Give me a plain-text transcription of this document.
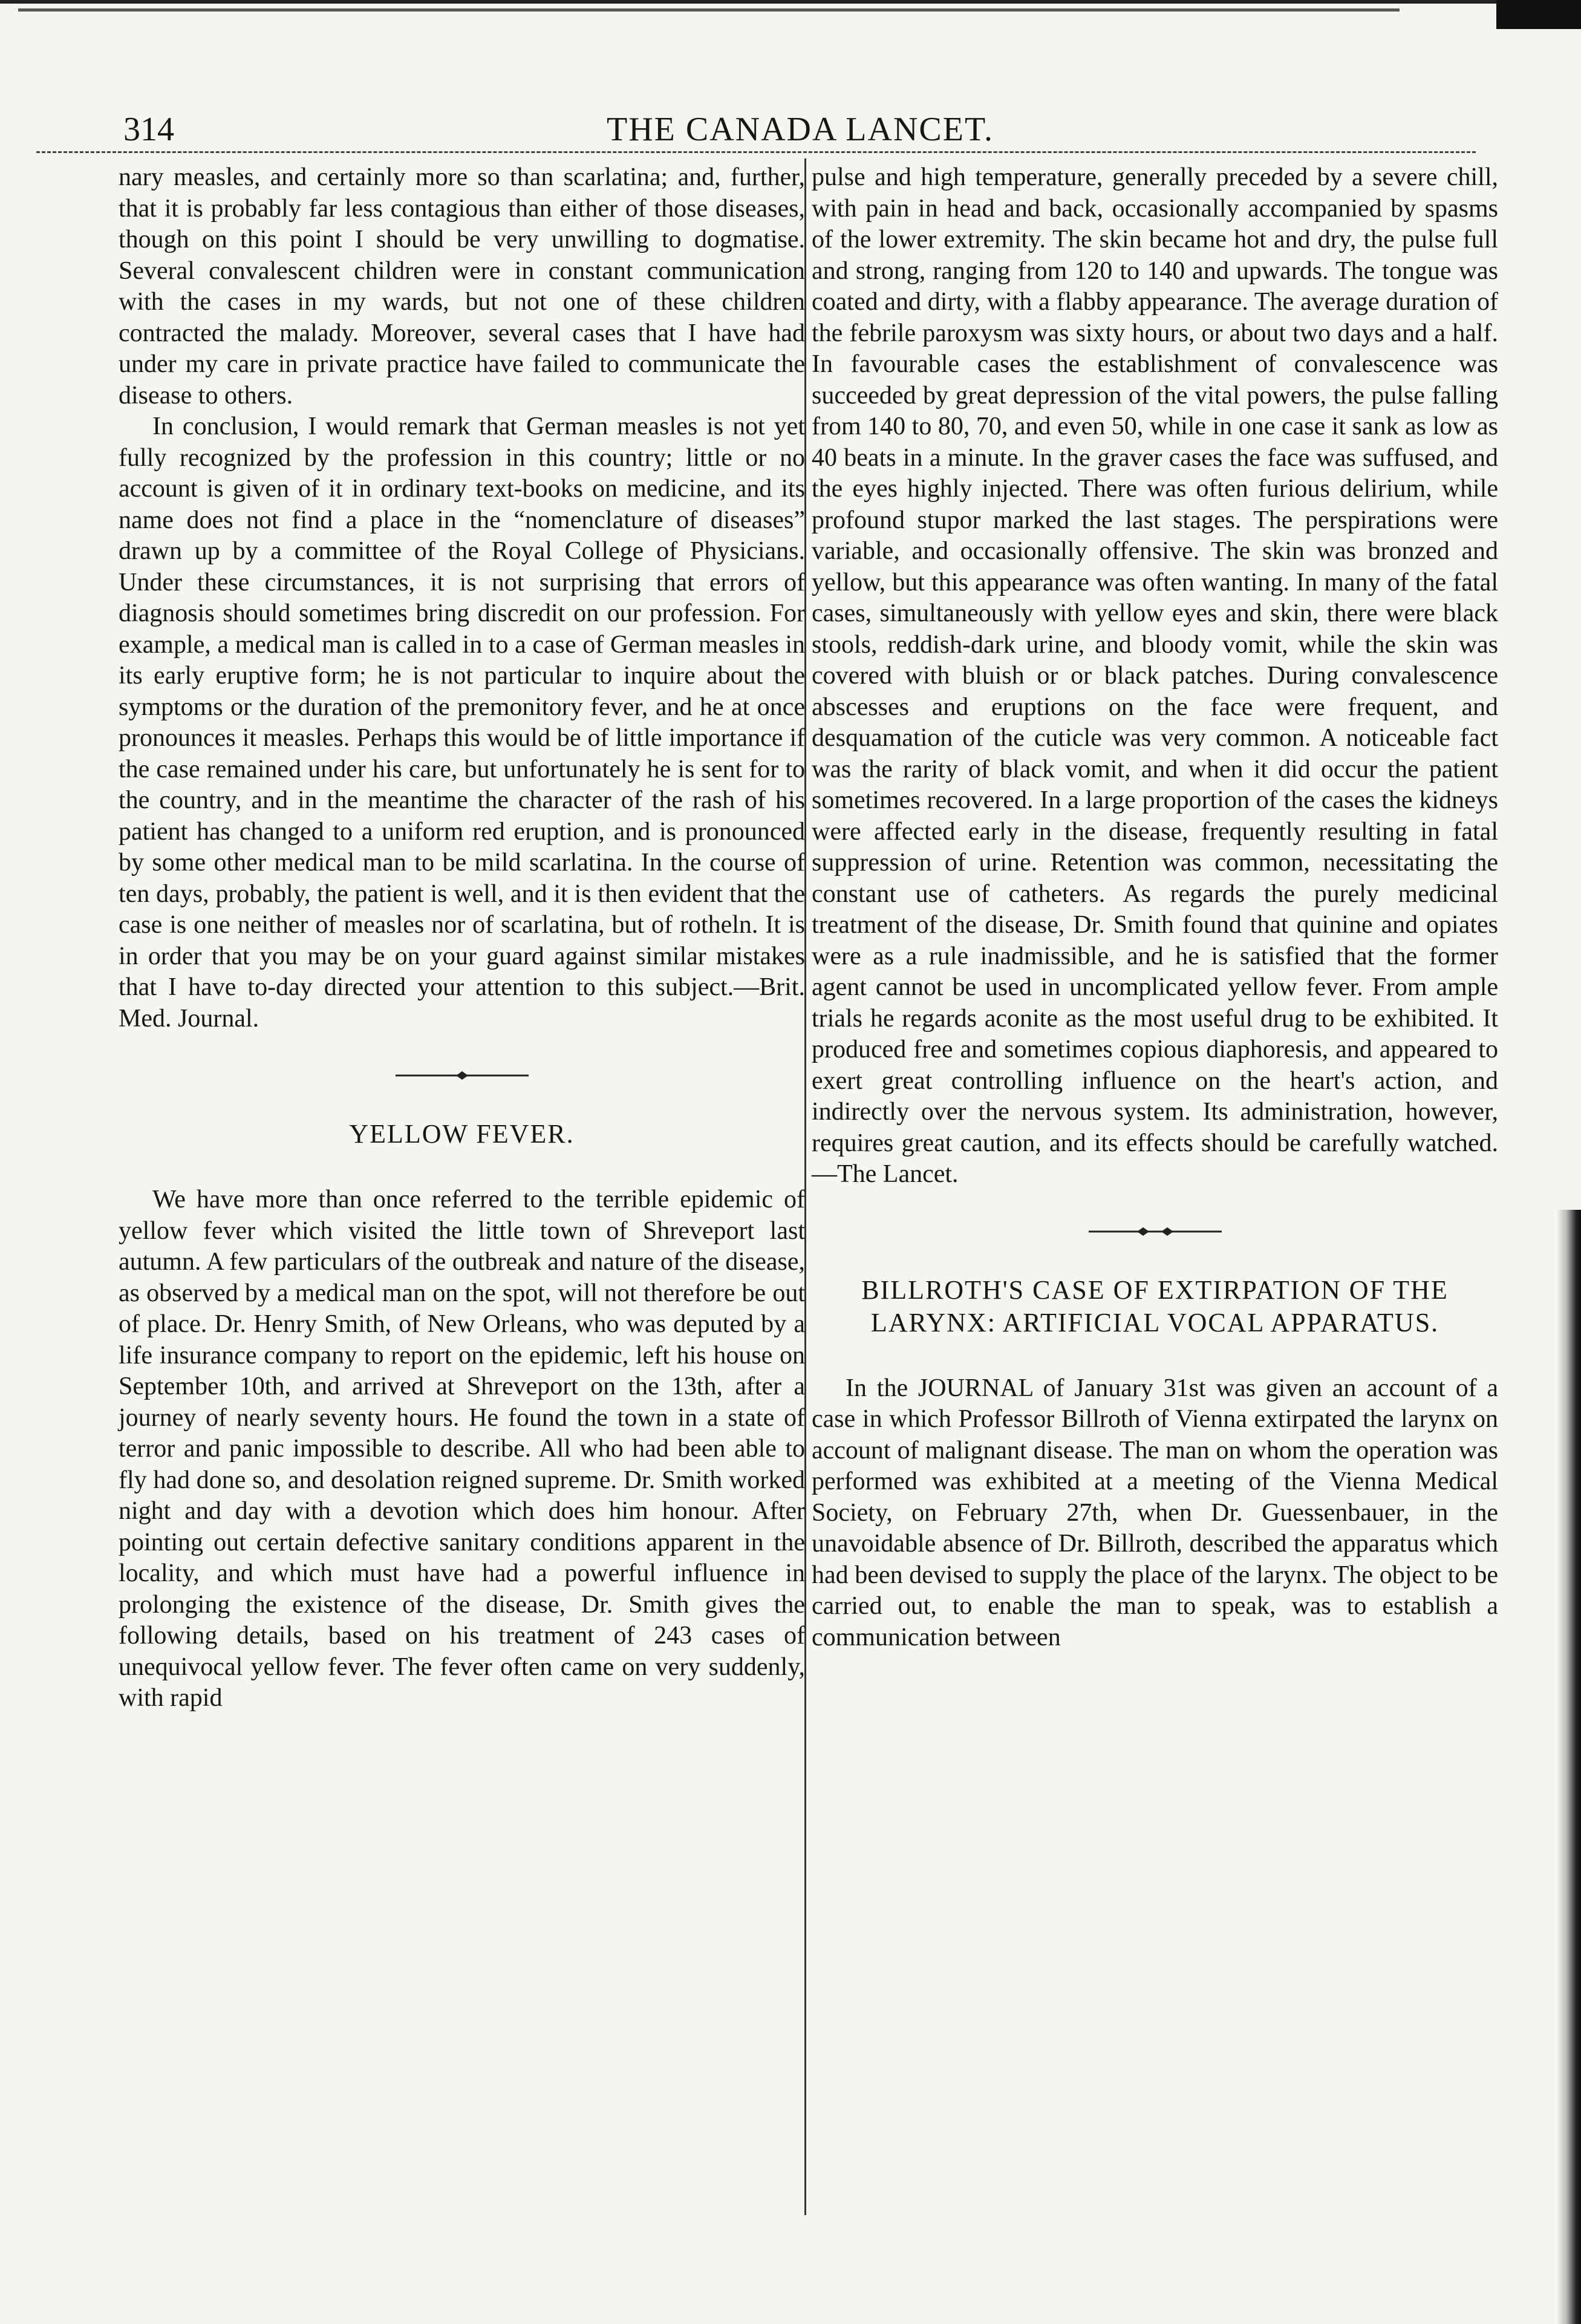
314	THE CANADA LANCET.

nary measles, and certainly more so than scarlatina; and, further, that it is probably far less contagious than either of those diseases, though on this point I should be very unwilling to dogmatise. Several convalescent children were in constant communication with the cases in my wards, but not one of these children contracted the malady. Moreover, several cases that I have had under my care in private practice have failed to communicate the disease to others.

In conclusion, I would remark that German measles is not yet fully recognized by the profession in this country; little or no account is given of it in ordinary text-books on medicine, and its name does not find a place in the “nomenclature of diseases” drawn up by a committee of the Royal College of Physicians. Under these circumstances, it is not surprising that errors of diagnosis should sometimes bring discredit on our profession. For example, a medical man is called in to a case of German measles in its early eruptive form; he is not particular to inquire about the symptoms or the duration of the premonitory fever, and he at once pronounces it measles. Perhaps this would be of little importance if the case remained under his care, but unfortunately he is sent for to the country, and in the meantime the character of the rash of his patient has changed to a uniform red eruption, and is pronounced by some other medical man to be mild scarlatina. In the course of ten days, probably, the patient is well, and it is then evident that the case is one neither of measles nor of scarlatina, but of rotheln. It is in order that you may be on your guard against similar mistakes that I have to-day directed your attention to this subject.—Brit. Med. Journal.

YELLOW FEVER.

We have more than once referred to the terrible epidemic of yellow fever which visited the little town of Shreveport last autumn. A few particulars of the outbreak and nature of the disease, as observed by a medical man on the spot, will not therefore be out of place. Dr. Henry Smith, of New Orleans, who was deputed by a life insurance company to report on the epidemic, left his house on September 10th, and arrived at Shreveport on the 13th, after a journey of nearly seventy hours. He found the town in a state of terror and panic impossible to describe. All who had been able to fly had done so, and desolation reigned supreme. Dr. Smith worked night and day with a devotion which does him honour. After pointing out certain defective sanitary conditions apparent in the locality, and which must have had a powerful influence in prolonging the existence of the disease, Dr. Smith gives the following details, based on his treatment of 243 cases of unequivocal yellow fever. The fever often came on very suddenly, with rapid

pulse and high temperature, generally preceded by a severe chill, with pain in head and back, occasionally accompanied by spasms of the lower extremity. The skin became hot and dry, the pulse full and strong, ranging from 120 to 140 and upwards. The tongue was coated and dirty, with a flabby appearance. The average duration of the febrile paroxysm was sixty hours, or about two days and a half. In favourable cases the establishment of convalescence was succeeded by great depression of the vital powers, the pulse falling from 140 to 80, 70, and even 50, while in one case it sank as low as 40 beats in a minute. In the graver cases the face was suffused, and the eyes highly injected. There was often furious delirium, while profound stupor marked the last stages. The perspirations were variable, and occasionally offensive. The skin was bronzed and yellow, but this appearance was often wanting. In many of the fatal cases, simultaneously with yellow eyes and skin, there were black stools, reddish-dark urine, and bloody vomit, while the skin was covered with bluish or or black patches. During convalescence abscesses and eruptions on the face were frequent, and desquamation of the cuticle was very common. A noticeable fact was the rarity of black vomit, and when it did occur the patient sometimes recovered. In a large proportion of the cases the kidneys were affected early in the disease, frequently resulting in fatal suppression of urine. Retention was common, necessitating the constant use of catheters. As regards the purely medicinal treatment of the disease, Dr. Smith found that quinine and opiates were as a rule inadmissible, and he is satisfied that the former agent cannot be used in uncomplicated yellow fever. From ample trials he regards aconite as the most useful drug to be exhibited. It produced free and sometimes copious diaphoresis, and appeared to exert great controlling influence on the heart's action, and indirectly over the nervous system. Its administration, however, requires great caution, and its effects should be carefully watched.—The Lancet.

BILLROTH'S CASE OF EXTIRPATION OF THE LARYNX: ARTIFICIAL VOCAL APPARATUS.

In the JOURNAL of January 31st was given an account of a case in which Professor Billroth of Vienna extirpated the larynx on account of malignant disease. The man on whom the operation was performed was exhibited at a meeting of the Vienna Medical Society, on February 27th, when Dr. Guessenbauer, in the unavoidable absence of Dr. Billroth, described the apparatus which had been devised to supply the place of the larynx. The object to be carried out, to enable the man to speak, was to establish a communication between
